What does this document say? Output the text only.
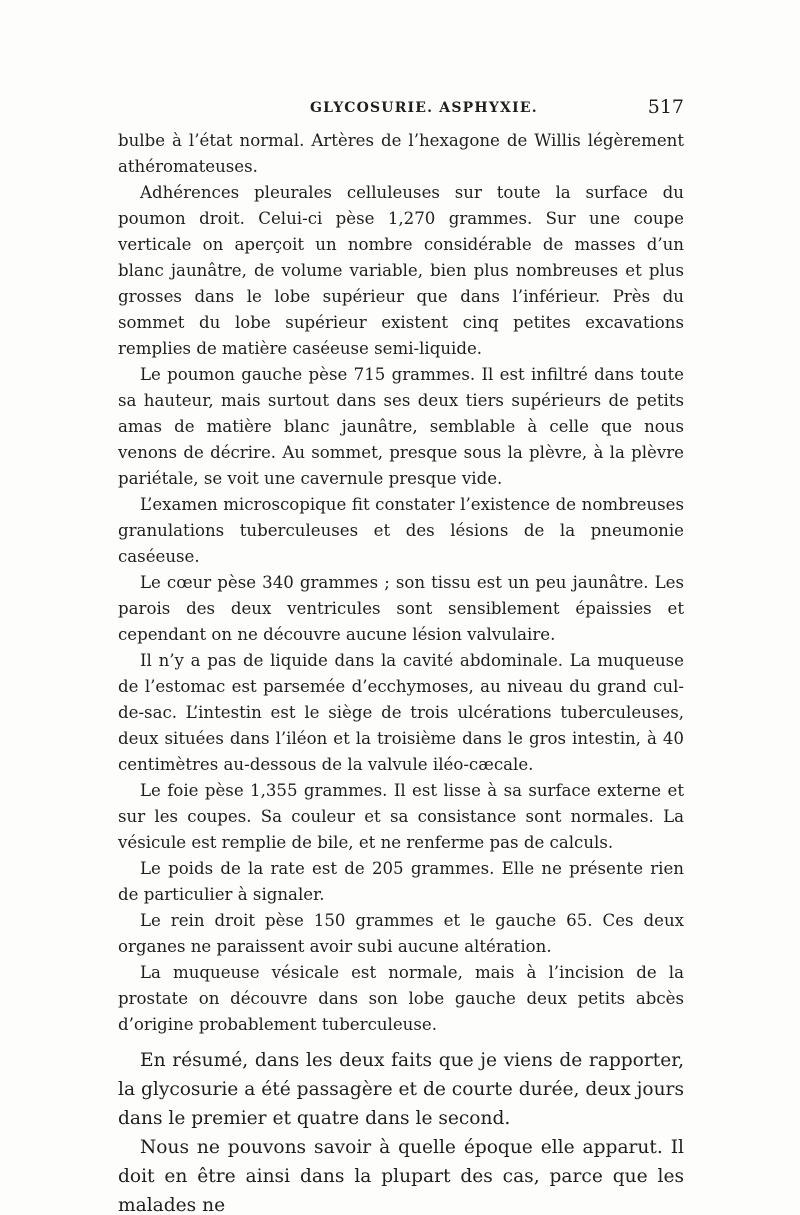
GLYCOSURIE. ASPHYXIE.	517

bulbe à l’état normal. Artères de l’hexagone de Willis légèrement athéromateuses.

Adhérences pleurales celluleuses sur toute la surface du poumon droit. Celui-ci pèse 1,270 grammes. Sur une coupe verticale on aperçoit un nombre considérable de masses d’un blanc jaunâtre, de volume variable, bien plus nombreuses et plus grosses dans le lobe supérieur que dans l’inférieur. Près du sommet du lobe supérieur existent cinq petites excavations remplies de matière caséeuse semi-liquide.

Le poumon gauche pèse 715 grammes. Il est infiltré dans toute sa hauteur, mais surtout dans ses deux tiers supérieurs de petits amas de matière blanc jaunâtre, semblable à celle que nous venons de décrire. Au sommet, presque sous la plèvre, à la plèvre pariétale, se voit une cavernule presque vide.

L’examen microscopique fit constater l’existence de nombreuses granulations tuberculeuses et des lésions de la pneumonie caséeuse.

Le cœur pèse 340 grammes ; son tissu est un peu jaunâtre. Les parois des deux ventricules sont sensiblement épaissies et cependant on ne découvre aucune lésion valvulaire.

Il n’y a pas de liquide dans la cavité abdominale. La muqueuse de l’estomac est parsemée d’ecchymoses, au niveau du grand cul-de-sac. L’intestin est le siège de trois ulcérations tuberculeuses, deux situées dans l’iléon et la troisième dans le gros intestin, à 40 centimètres au-dessous de la valvule iléo-cæcale.

Le foie pèse 1,355 grammes. Il est lisse à sa surface externe et sur les coupes. Sa couleur et sa consistance sont normales. La vésicule est remplie de bile, et ne renferme pas de calculs.

Le poids de la rate est de 205 grammes. Elle ne présente rien de particulier à signaler.

Le rein droit pèse 150 grammes et le gauche 65. Ces deux organes ne paraissent avoir subi aucune altération.

La muqueuse vésicale est normale, mais à l’incision de la prostate on découvre dans son lobe gauche deux petits abcès d’origine probablement tuberculeuse.

En résumé, dans les deux faits que je viens de rapporter, la glycosurie a été passagère et de courte durée, deux jours dans le premier et quatre dans le second.

Nous ne pouvons savoir à quelle époque elle apparut. Il doit en être ainsi dans la plupart des cas, parce que les malades ne
